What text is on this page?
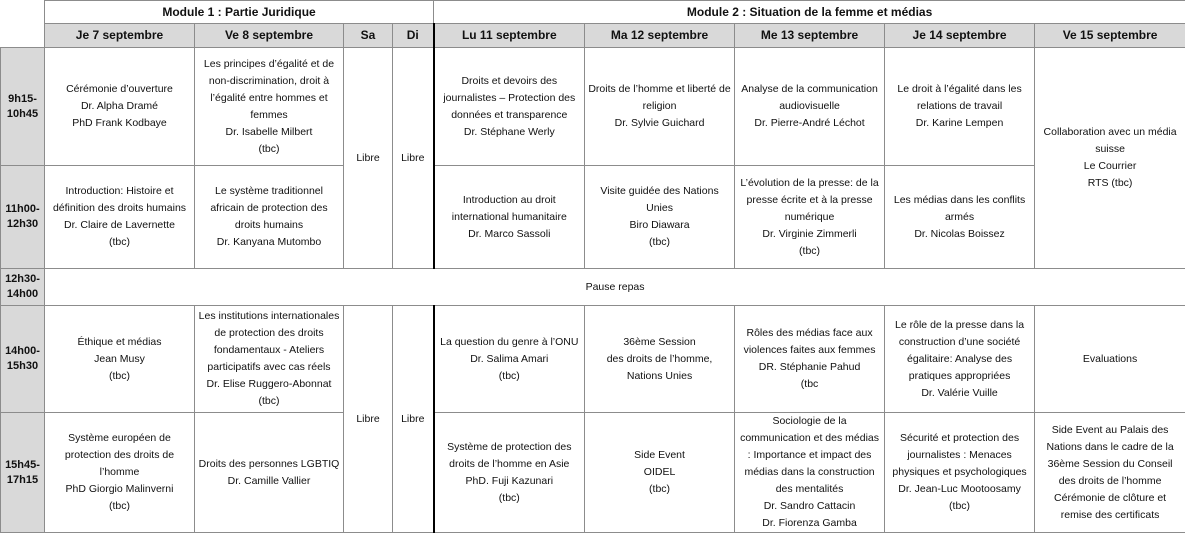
	Module 1 : Partie Juridique				Module 2 : Situation de la femme et médias				
	Je 7 septembre	Ve 8 septembre	Sa	Di	Lu 11 septembre	Ma 12 septembre	Me 13 septembre	Je 14 septembre	Ve 15 septembre
9h15-
10h45	Cérémonie d’ouverture
Dr. Alpha Dramé
PhD Frank Kodbaye	Les principes d’égalité et de non-discrimination, droit à l’égalité entre hommes et femmes
Dr. Isabelle Milbert
(tbc)	Libre	Libre	Droits et devoirs des journalistes – Protection des données et transparence
Dr. Stéphane Werly	Droits de l’homme et liberté de religion
Dr. Sylvie Guichard	Analyse de la communication audiovisuelle
Dr. Pierre-André Léchot	Le droit à l’égalité dans les relations de travail
Dr. Karine Lempen	Collaboration avec un média suisse
Le Courrier
RTS (tbc)
11h00-
12h30	Introduction: Histoire et définition des droits humains
Dr. Claire de Lavernette
(tbc)	Le système traditionnel africain de protection des droits humains
Dr. Kanyana Mutombo			Introduction au droit international humanitaire
Dr. Marco Sassoli	Visite guidée des Nations Unies
Biro Diawara
(tbc)	L’évolution de la presse: de la presse écrite et à la presse numérique
Dr. Virginie Zimmerli
(tbc)	Les médias dans les conflits armés
Dr. Nicolas Boissez	
12h30-
14h00	Pause repas								
14h00-
15h30	Éthique et médias
Jean Musy
(tbc)	Les institutions internationales de protection des droits fondamentaux - Ateliers participatifs avec cas réels
Dr. Elise Ruggero-Abonnat
(tbc)	Libre	Libre	La question du genre à l’ONU
Dr. Salima Amari
(tbc)	36ème Session
des droits de l’homme, Nations Unies	Rôles des médias face aux violences faites aux femmes
DR. Stéphanie Pahud
(tbc	Le rôle de la presse dans la construction d’une société égalitaire: Analyse des pratiques appropriées
Dr. Valérie Vuille	Evaluations
15h45-
17h15	Système européen de protection des droits de l’homme
PhD Giorgio Malinverni
(tbc)	Droits des personnes LGBTIQ
Dr. Camille Vallier			Système de protection des droits de l’homme en Asie
PhD. Fuji Kazunari
(tbc)	Side Event
OIDEL
(tbc)	Sociologie de la communication et des médias : Importance et impact des médias dans la construction des mentalités
Dr. Sandro Cattacin
Dr. Fiorenza Gamba	Sécurité et protection des journalistes : Menaces physiques et psychologiques
Dr. Jean-Luc Mootoosamy
(tbc)	Side Event au Palais des Nations dans le cadre de la 36ème Session du Conseil des droits de l’homme
Cérémonie de clôture et remise des certificats
